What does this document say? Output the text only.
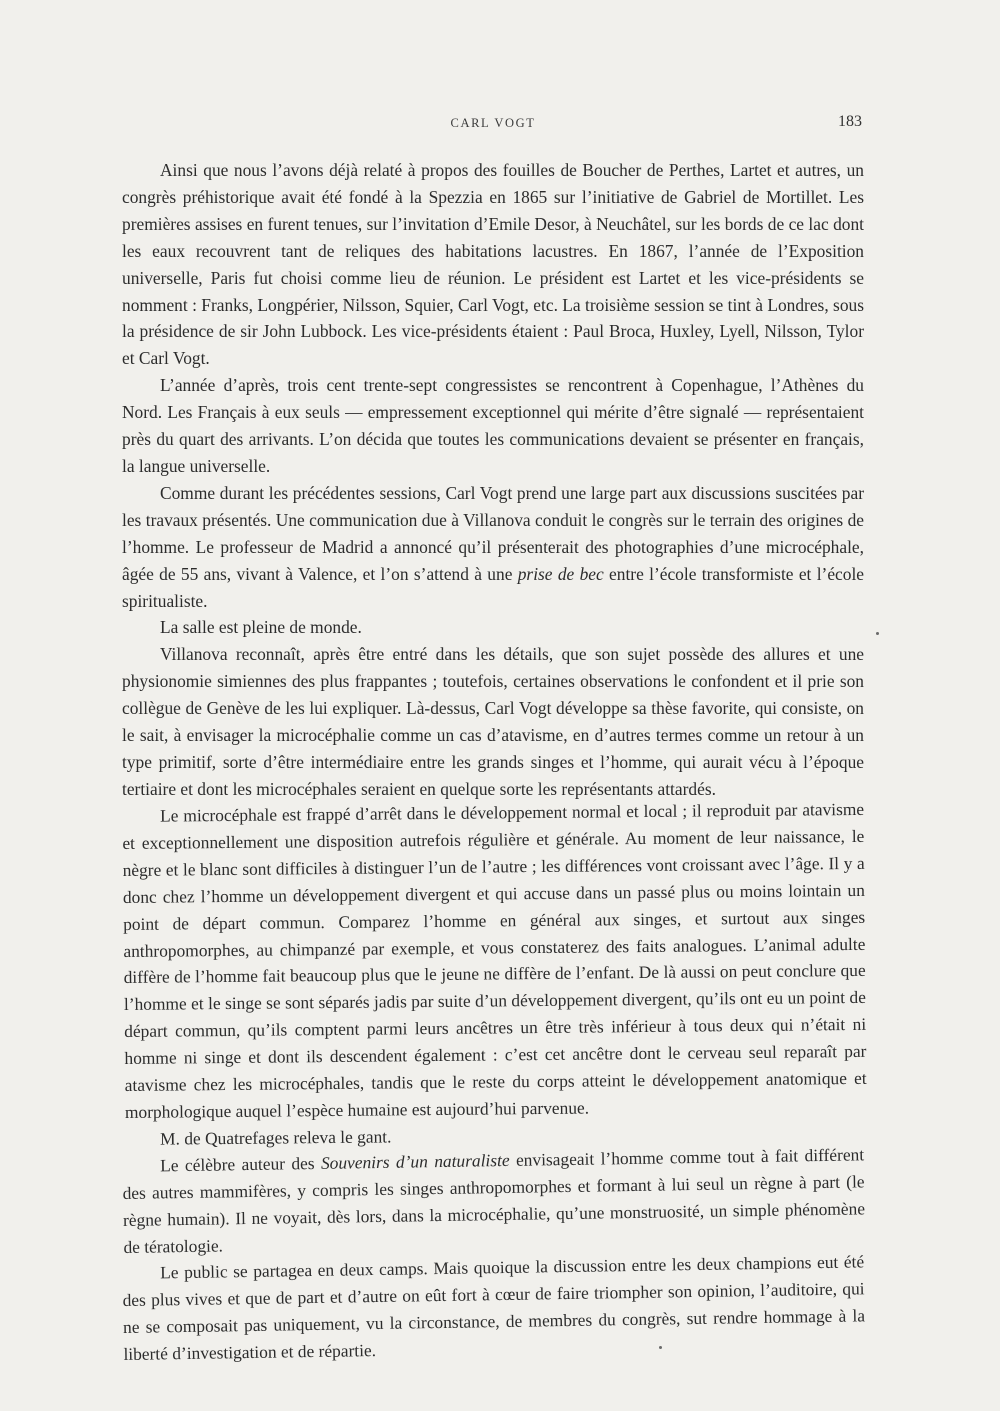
CARL VOGT	183

Ainsi que nous l’avons déjà relaté à propos des fouilles de Boucher de Perthes, Lartet et autres, un congrès préhistorique avait été fondé à la Spezzia en 1865 sur l’initiative de Gabriel de Mortillet. Les premières assises en furent tenues, sur l’invitation d’Emile Desor, à Neuchâtel, sur les bords de ce lac dont les eaux recouvrent tant de reliques des habitations lacustres. En 1867, l’année de l’Exposition universelle, Paris fut choisi comme lieu de réunion. Le président est Lartet et les vice-présidents se nomment : Franks, Longpérier, Nilsson, Squier, Carl Vogt, etc. La troisième session se tint à Londres, sous la présidence de sir John Lubbock. Les vice-présidents étaient : Paul Broca, Huxley, Lyell, Nilsson, Tylor et Carl Vogt.

L’année d’après, trois cent trente-sept congressistes se rencontrent à Copenhague, l’Athènes du Nord. Les Français à eux seuls — empressement exceptionnel qui mérite d’être signalé — représentaient près du quart des arrivants. L’on décida que toutes les communications devaient se présenter en français, la langue universelle.

Comme durant les précédentes sessions, Carl Vogt prend une large part aux discussions suscitées par les travaux présentés. Une communication due à Villanova conduit le congrès sur le terrain des origines de l’homme. Le professeur de Madrid a annoncé qu’il présenterait des photographies d’une microcéphale, âgée de 55 ans, vivant à Valence, et l’on s’attend à une prise de bec entre l’école transformiste et l’école spiritualiste.

La salle est pleine de monde.

Villanova reconnaît, après être entré dans les détails, que son sujet possède des allures et une physionomie simiennes des plus frappantes ; toutefois, certaines observations le confondent et il prie son collègue de Genève de les lui expliquer. Là-dessus, Carl Vogt développe sa thèse favorite, qui consiste, on le sait, à envisager la microcéphalie comme un cas d’atavisme, en d’autres termes comme un retour à un type primitif, sorte d’être intermédiaire entre les grands singes et l’homme, qui aurait vécu à l’époque tertiaire et dont les microcéphales seraient en quelque sorte les représentants attardés.

Le microcéphale est frappé d’arrêt dans le développement normal et local ; il reproduit par atavisme et exceptionnellement une disposition autrefois régulière et générale. Au moment de leur naissance, le nègre et le blanc sont difficiles à distinguer l’un de l’autre ; les différences vont croissant avec l’âge. Il y a donc chez l’homme un développement divergent et qui accuse dans un passé plus ou moins lointain un point de départ commun. Comparez l’homme en général aux singes, et surtout aux singes anthropomorphes, au chimpanzé par exemple, et vous constaterez des faits analogues. L’animal adulte diffère de l’homme fait beaucoup plus que le jeune ne diffère de l’enfant. De là aussi on peut conclure que l’homme et le singe se sont séparés jadis par suite d’un développement divergent, qu’ils ont eu un point de départ commun, qu’ils comptent parmi leurs ancêtres un être très inférieur à tous deux qui n’était ni homme ni singe et dont ils descendent également : c’est cet ancêtre dont le cerveau seul reparaît par atavisme chez les microcéphales, tandis que le reste du corps atteint le développement anatomique et morphologique auquel l’espèce humaine est aujourd’hui parvenue.

M. de Quatrefages releva le gant.

Le célèbre auteur des Souvenirs d’un naturaliste envisageait l’homme comme tout à fait différent des autres mammifères, y compris les singes anthropomorphes et formant à lui seul un règne à part (le règne humain). Il ne voyait, dès lors, dans la microcéphalie, qu’une monstruosité, un simple phénomène de tératologie.

Le public se partagea en deux camps. Mais quoique la discussion entre les deux champions eut été des plus vives et que de part et d’autre on eût fort à cœur de faire triompher son opinion, l’auditoire, qui ne se composait pas uniquement, vu la circonstance, de membres du congrès, sut rendre hommage à la liberté d’investigation et de répartie.
